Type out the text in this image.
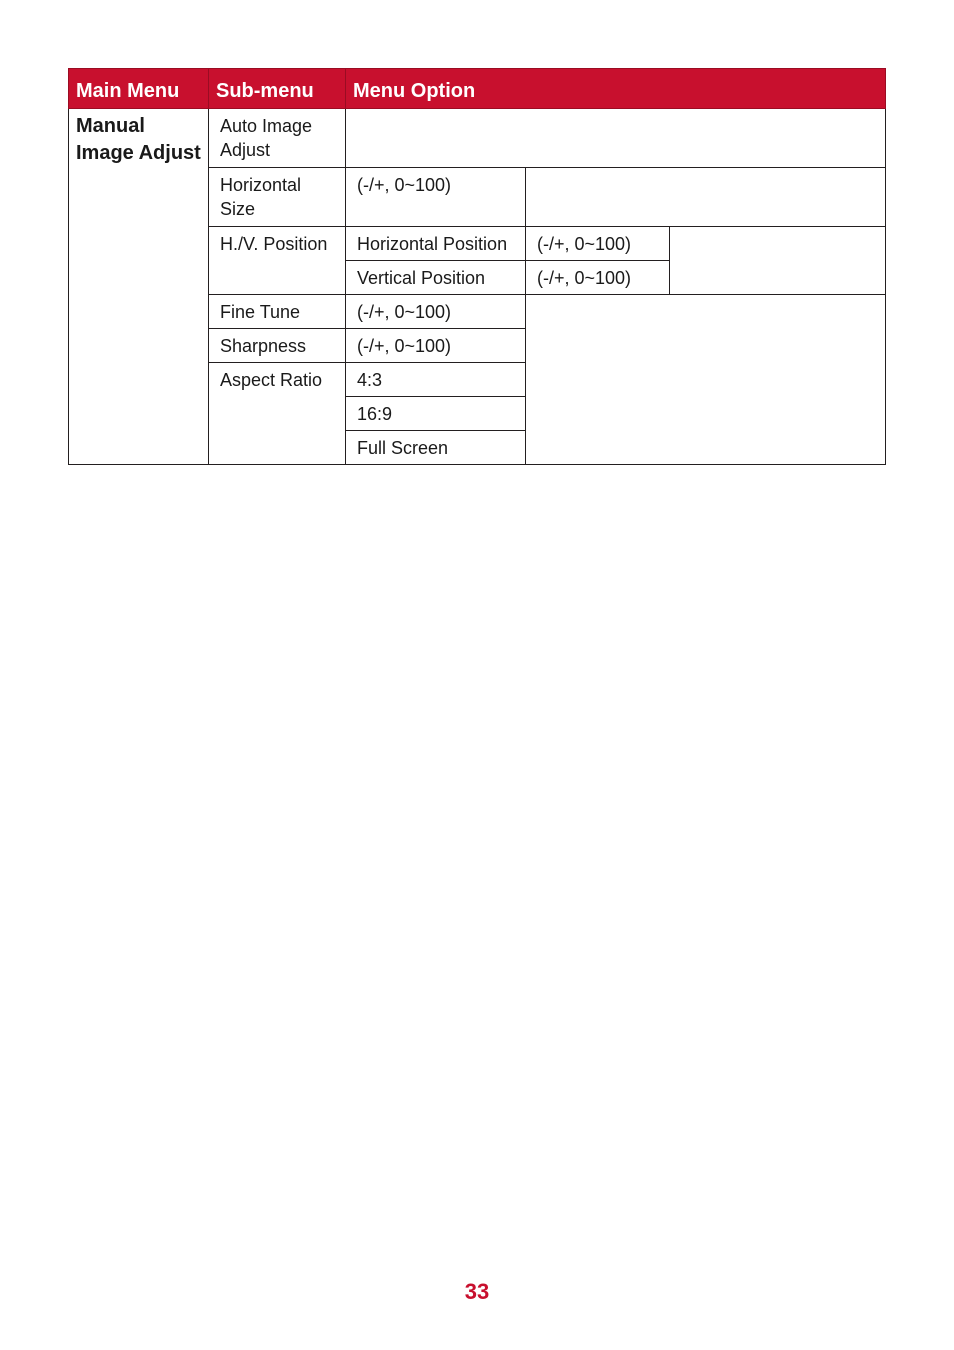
Main Menu	Sub-menu	Menu Option		
Manual Image Adjust	Auto Image Adjust			
	Horizontal Size	(-/+, 0~100)		
	H./V. Position	Horizontal Position	(-/+, 0~100)	
		Vertical Position	(-/+, 0~100)	
	Fine Tune	(-/+, 0~100)		
	Sharpness	(-/+, 0~100)		
	Aspect Ratio	4:3		
		16:9		
		Full Screen		
33
